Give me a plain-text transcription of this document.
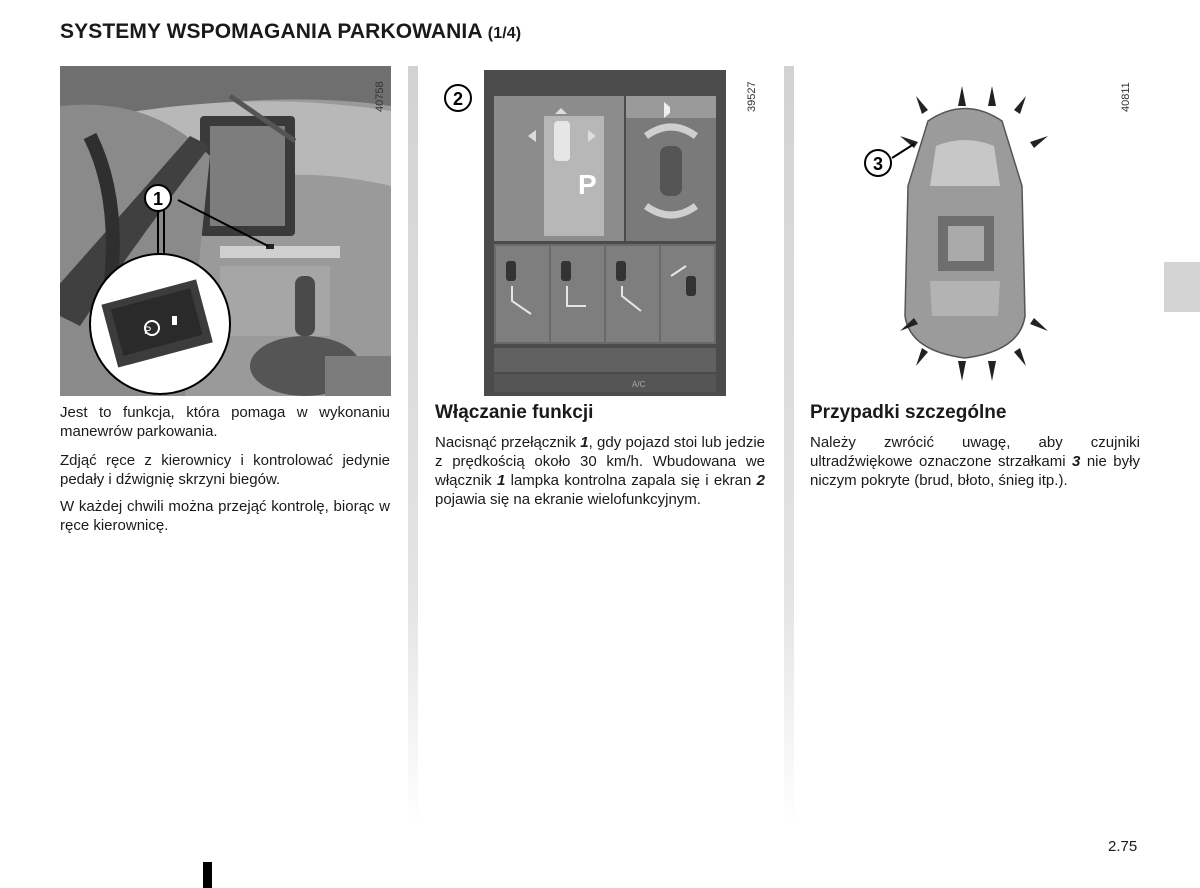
SYSTEMY WSPOMAGANIA PARKOWANIA (1/4)
1
P
40758
P
A/C
2	39527
3
40811

Jest to funkcja, która pomaga w wykonaniu manewrów parkowania.

Zdjąć ręce z kierownicy i kontrolować jedynie pedały i dźwignię skrzyni biegów.

W każdej chwili można przejąć kontrolę, biorąc w ręce kierownicę.

Włączanie funkcji

Nacisnąć przełącznik 1, gdy pojazd stoi lub jedzie z prędkością około 30 km/h. Wbudowana we włącznik 1 lampka kontrolna zapala się i ekran 2 pojawia się na ekranie wielofunkcyjnym.

Przypadki szczególne

Należy zwrócić uwagę, aby czujniki ultradźwiękowe oznaczone strzałkami 3 nie były niczym pokryte (brud, błoto, śnieg itp.).

2.75
